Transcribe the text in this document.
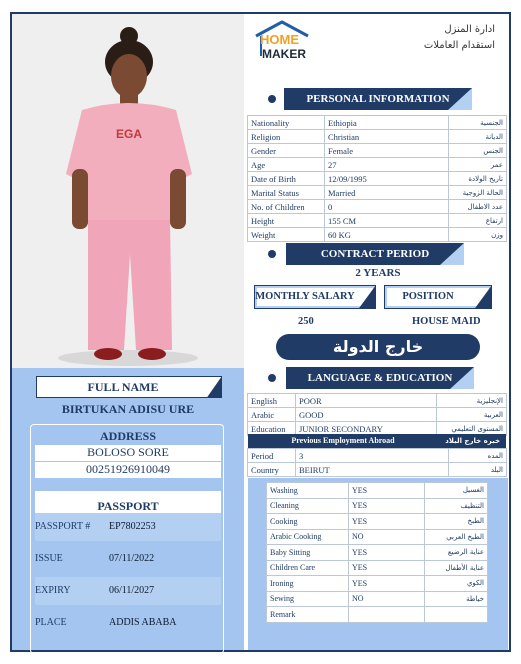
EGA
FULL NAME
BIRTUKAN ADISU URE
ADDRESS
BOLOSO SORE
00251926910049
PASSPORT
PASSPORT # EP7802253
ISSUE	07/11/2022
EXPIRY	06/11/2027
PLACE	ADDIS ABABA
HOME
MAKER
ادارة المنزل
استقدام العاملات
PERSONAL INFORMATION
Nationality	Ethiopia	الجنسية
Religion	Christian	الديانة
Gender	Female	الجنس
Age	27	عمر
Date of Birth	12/09/1995	تاريخ الولادة
Marital Status	Married	الحالة الزوجية
No. of Children	0	عدد الاطفال
Height	155 CM	ارتفاع
Weight	60 KG	وزن
CONTRACT PERIOD
2 YEARS
MONTHLY SALARY	POSITION
250	HOUSE MAID
خارج الدولة
LANGUAGE & EDUCATION
English	POOR	الإنجليزية
Arabic	GOOD	العربية
Education	JUNIOR SECONDARY	المستوى التعليمي
Previous Employment Abroad	خبره خارج البلاد
Period	3	المده
Country	BEIRUT	البلد
Washing	YES	الغسيل
Cleaning	YES	التنظيف
Cooking	YES	الطبخ
Arabic Cooking	NO	الطبخ العربي
Baby Sitting	YES	عناية الرضيع
Children Care	YES	عناية الأطفال
Ironing	YES	الكوي
Sewing	NO	خياطة
Remark		
